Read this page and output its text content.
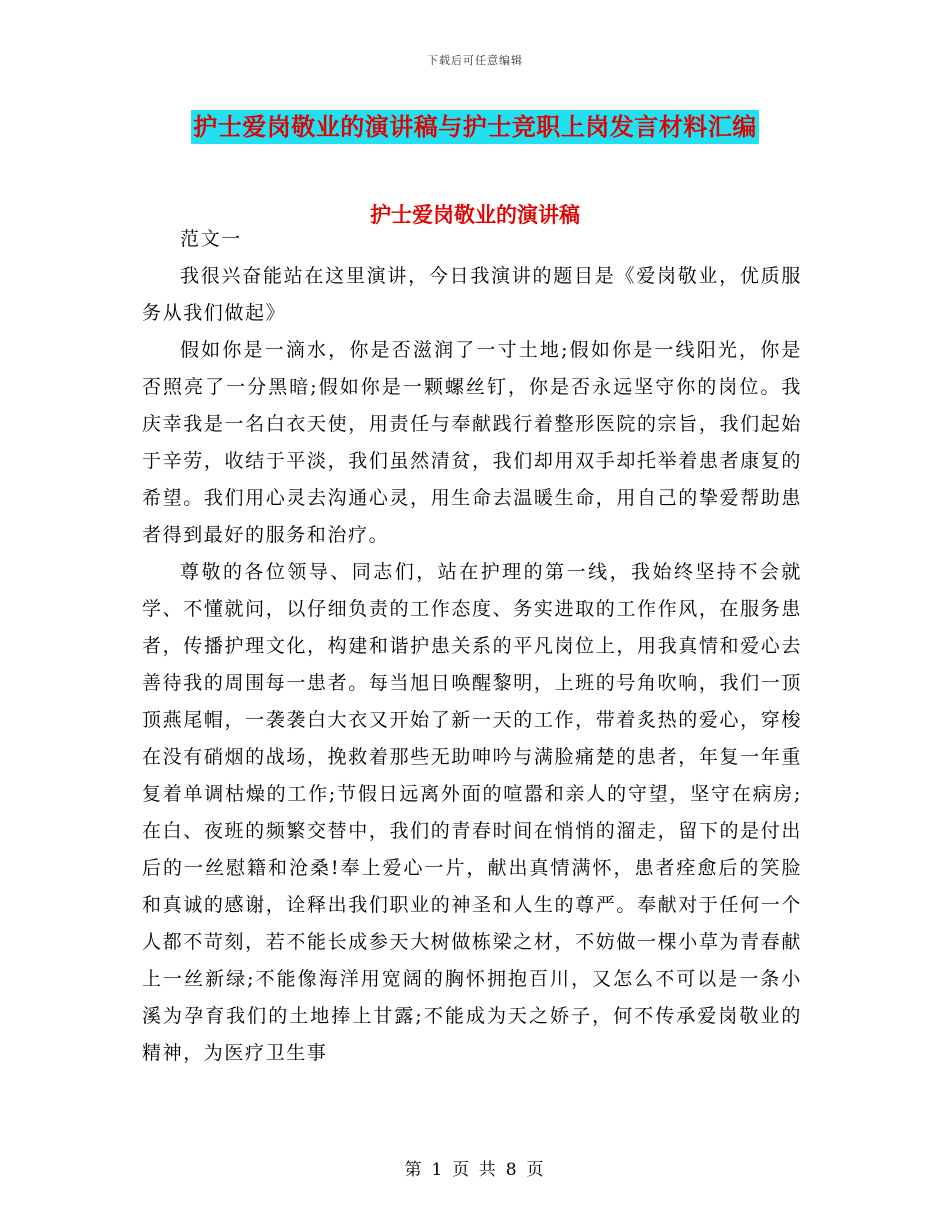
下载后可任意编辑
护士爱岗敬业的演讲稿与护士竞职上岗发言材料汇编
护士爱岗敬业的演讲稿

范文一

我很兴奋能站在这里演讲，今日我演讲的题目是《爱岗敬业，优质服务从我们做起》

假如你是一滴水，你是否滋润了一寸土地;假如你是一线阳光，你是否照亮了一分黑暗;假如你是一颗螺丝钉，你是否永远坚守你的岗位。我庆幸我是一名白衣天使，用责任与奉献践行着整形医院的宗旨，我们起始于辛劳，收结于平淡，我们虽然清贫，我们却用双手却托举着患者康复的希望。我们用心灵去沟通心灵，用生命去温暖生命，用自己的挚爱帮助患者得到最好的服务和治疗。

尊敬的各位领导、同志们，站在护理的第一线，我始终坚持不会就学、不懂就问，以仔细负责的工作态度、务实进取的工作作风，在服务患者，传播护理文化，构建和谐护患关系的平凡岗位上，用我真情和爱心去善待我的周围每一患者。每当旭日唤醒黎明，上班的号角吹响，我们一顶顶燕尾帽，一袭袭白大衣又开始了新一天的工作，带着炙热的爱心，穿梭在没有硝烟的战场，挽救着那些无助呻吟与满脸痛楚的患者，年复一年重复着单调枯燥的工作;节假日远离外面的喧嚣和亲人的守望，坚守在病房;在白、夜班的频繁交替中，我们的青春时间在悄悄的溜走，留下的是付出后的一丝慰籍和沧桑!奉上爱心一片，献出真情满怀，患者痊愈后的笑脸和真诚的感谢，诠释出我们职业的神圣和人生的尊严。奉献对于任何一个人都不苛刻，若不能长成参天大树做栋梁之材，不妨做一棵小草为青春献上一丝新绿;不能像海洋用宽阔的胸怀拥抱百川，又怎么不可以是一条小溪为孕育我们的土地捧上甘露;不能成为天之娇子，何不传承爱岗敬业的精神，为医疗卫生事

第 1 页 共 8 页
